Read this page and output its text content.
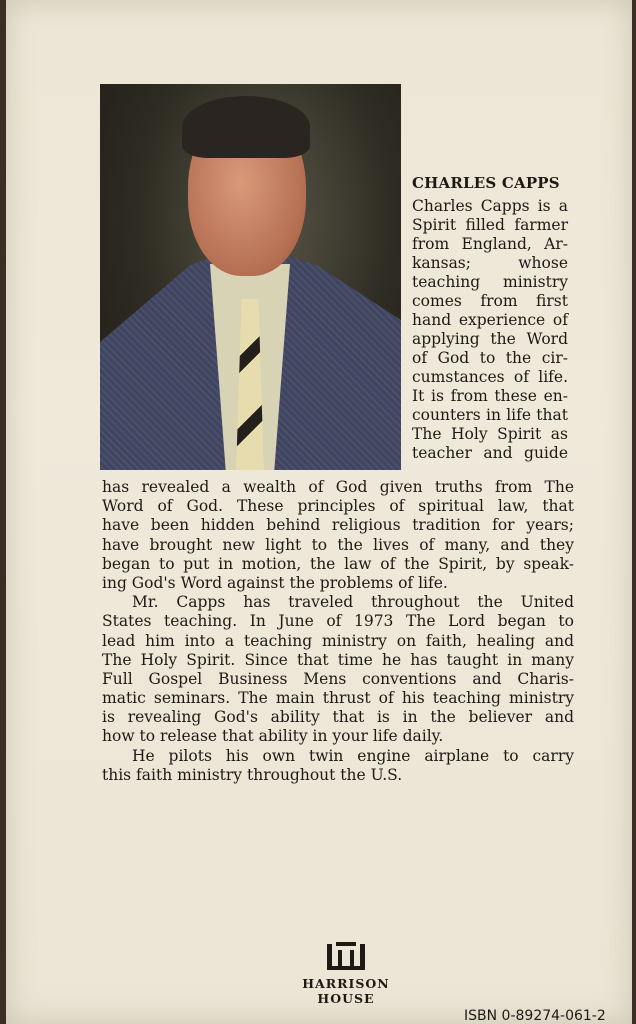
CHARLES CAPPS
Charles Capps is a
Spirit filled farmer
from England, Ar-
kansas; whose
teaching ministry
comes from first
hand experience of
applying the Word
of God to the cir-
cumstances of life.
It is from these en-
counters in life that
The Holy Spirit as
teacher and guide
has revealed a wealth of God given truths from The
Word of God. These principles of spiritual law, that
have been hidden behind religious tradition for years;
have brought new light to the lives of many, and they
began to put in motion, the law of the Spirit, by speak-
ing God's Word against the problems of life.
Mr. Capps has traveled throughout the United
States teaching. In June of 1973 The Lord began to
lead him into a teaching ministry on faith, healing and
The Holy Spirit. Since that time he has taught in many
Full Gospel Business Mens conventions and Charis-
matic seminars. The main thrust of his teaching ministry
is revealing God's ability that is in the believer and
how to release that ability in your life daily.
He pilots his own twin engine airplane to carry
this faith ministry throughout the U.S.
HARRISON
HOUSE
ISBN 0-89274-061-2
